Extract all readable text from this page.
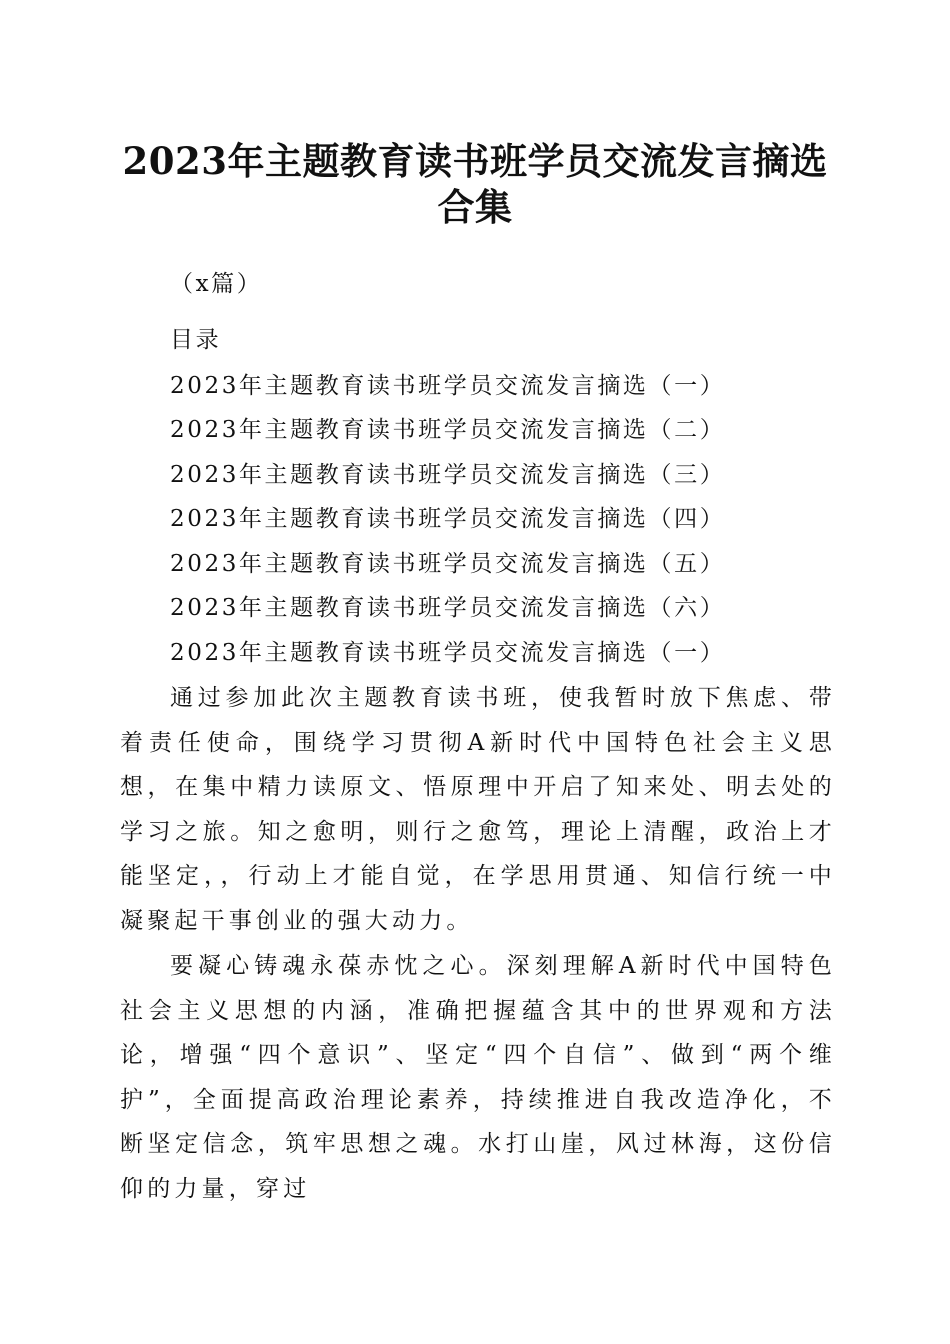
2023年主题教育读书班学员交流发言摘选合集
（x篇）
目录
2023年主题教育读书班学员交流发言摘选（一）
2023年主题教育读书班学员交流发言摘选（二）
2023年主题教育读书班学员交流发言摘选（三）
2023年主题教育读书班学员交流发言摘选（四）
2023年主题教育读书班学员交流发言摘选（五）
2023年主题教育读书班学员交流发言摘选（六）
2023年主题教育读书班学员交流发言摘选（一）
通过参加此次主题教育读书班，使我暂时放下焦虑、带着责任使命，围绕学习贯彻A新时代中国特色社会主义思想，在集中精力读原文、悟原理中开启了知来处、明去处的学习之旅。知之愈明，则行之愈笃，理论上清醒，政治上才能坚定，，行动上才能自觉，在学思用贯通、知信行统一中凝聚起干事创业的强大动力。
要凝心铸魂永葆赤忱之心。深刻理解A新时代中国特色社会主义思想的内涵，准确把握蕴含其中的世界观和方法论，增强“四个意识”、坚定“四个自信”、做到“两个维护”，全面提高政治理论素养，持续推进自我改造净化，不断坚定信念，筑牢思想之魂。水打山崖，风过林海，这份信仰的力量，穿过
